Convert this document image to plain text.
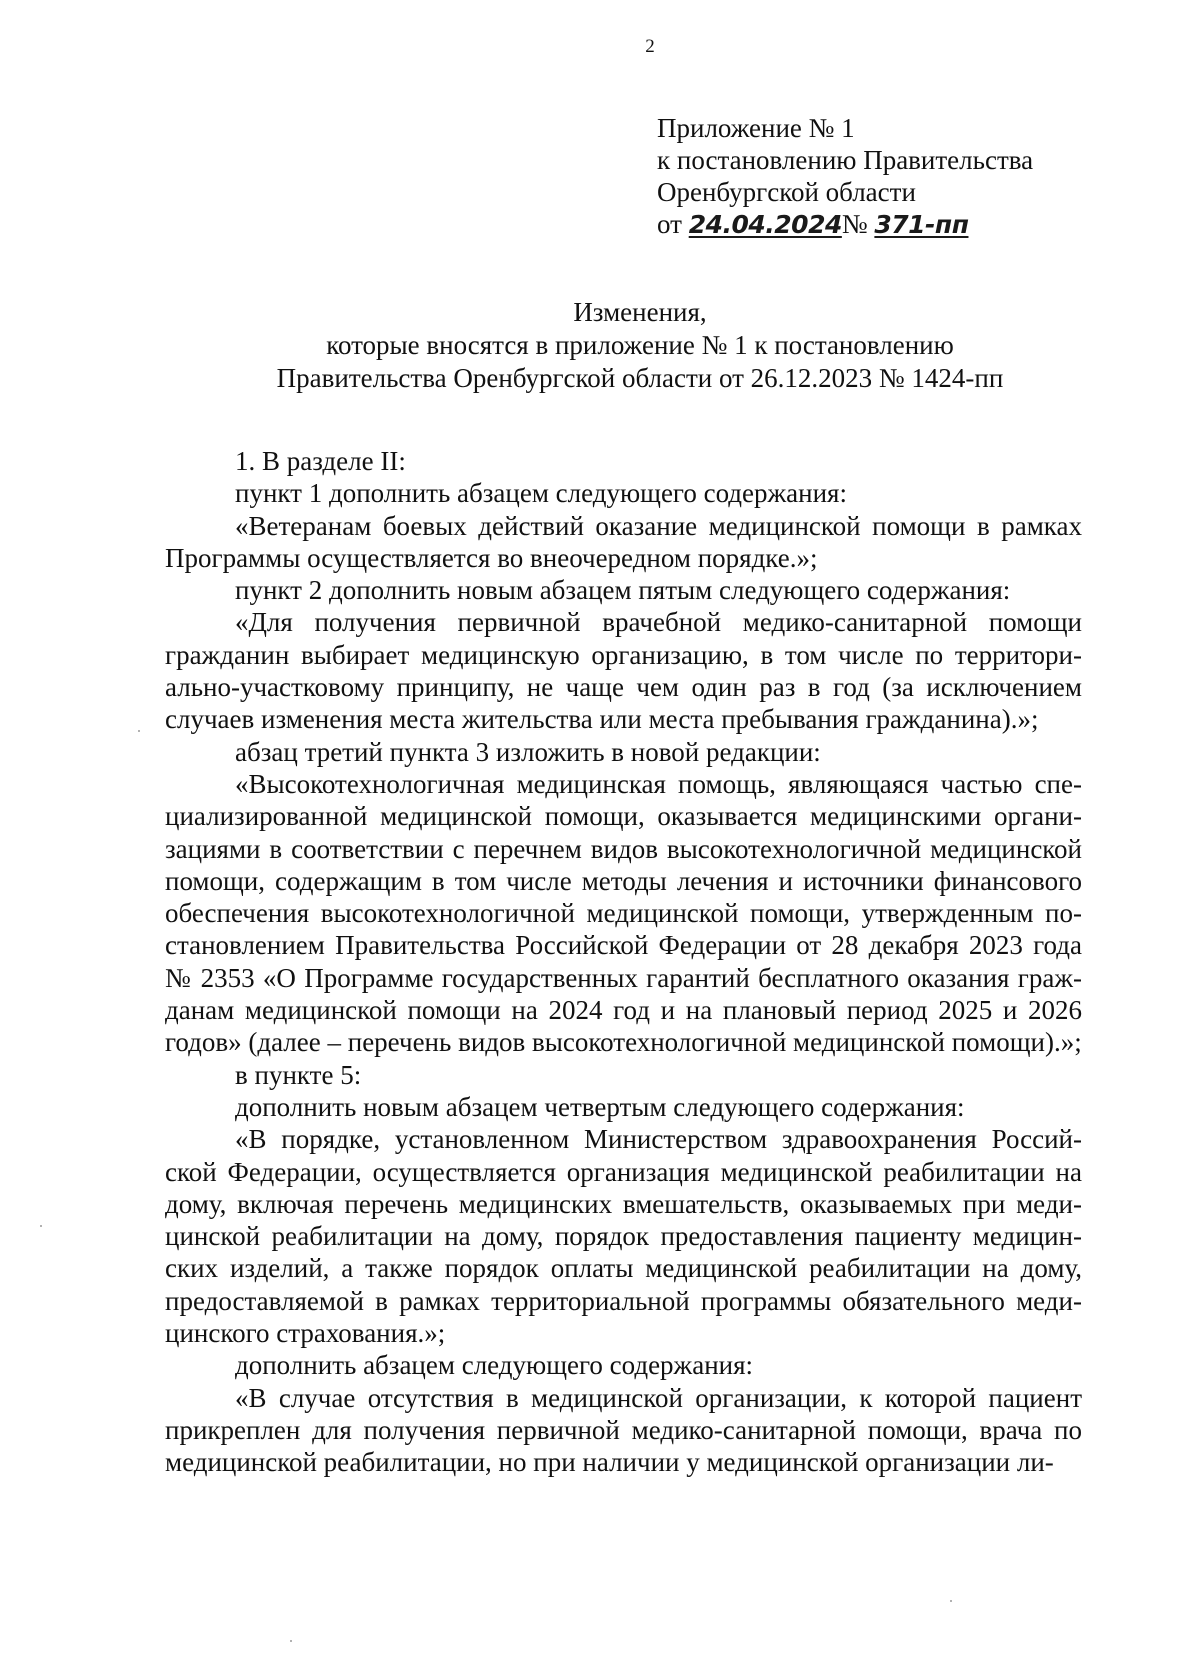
2
Приложение № 1
к постановлению Правительства
Оренбургской области
от 24.04.2024№ 371-пп
Изменения,
которые вносятся в приложение № 1 к постановлению
Правительства Оренбургской области от 26.12.2023 № 1424-пп

1. В разделе II:

пункт 1 дополнить абзацем следующего содержания:

«Ветеранам боевых действий оказание медицинской помощи в рамках Программы осуществляется во внеочередном порядке.»;

пункт 2 дополнить новым абзацем пятым следующего содержания:

«Для получения первичной врачебной медико-санитарной помощи гражданин выбирает медицинскую организацию, в том числе по территориально-участковому принципу, не чаще чем один раз в год (за исключением случаев изменения места жительства или места пребывания гражданина).»;

абзац третий пункта 3 изложить в новой редакции:

«Высокотехнологичная медицинская помощь, являющаяся частью специализированной медицинской помощи, оказывается медицинскими организациями в соответствии с перечнем видов высокотехнологичной медицинской помощи, содержащим в том числе методы лечения и источники финансового обеспечения высокотехнологичной медицинской помощи, утвержденным постановлением Правительства Российской Федерации от 28 декабря 2023 года № 2353 «О Программе государственных гарантий бесплатного оказания гражданам медицинской помощи на 2024 год и на плановый период 2025 и 2026 годов» (далее – перечень видов высокотехнологичной медицинской помощи).»;

в пункте 5:

дополнить новым абзацем четвертым следующего содержания:

«В порядке, установленном Министерством здравоохранения Российской Федерации, осуществляется организация медицинской реабилитации на дому, включая перечень медицинских вмешательств, оказываемых при медицинской реабилитации на дому, порядок предоставления пациенту медицинских изделий, а также порядок оплаты медицинской реабилитации на дому, предоставляемой в рамках территориальной программы обязательного медицинского страхования.»;

дополнить абзацем следующего содержания:

«В случае отсутствия в медицинской организации, к которой пациент прикреплен для получения первичной медико-санитарной помощи, врача по медицинской реабилитации, но при наличии у медицинской организации ли-
